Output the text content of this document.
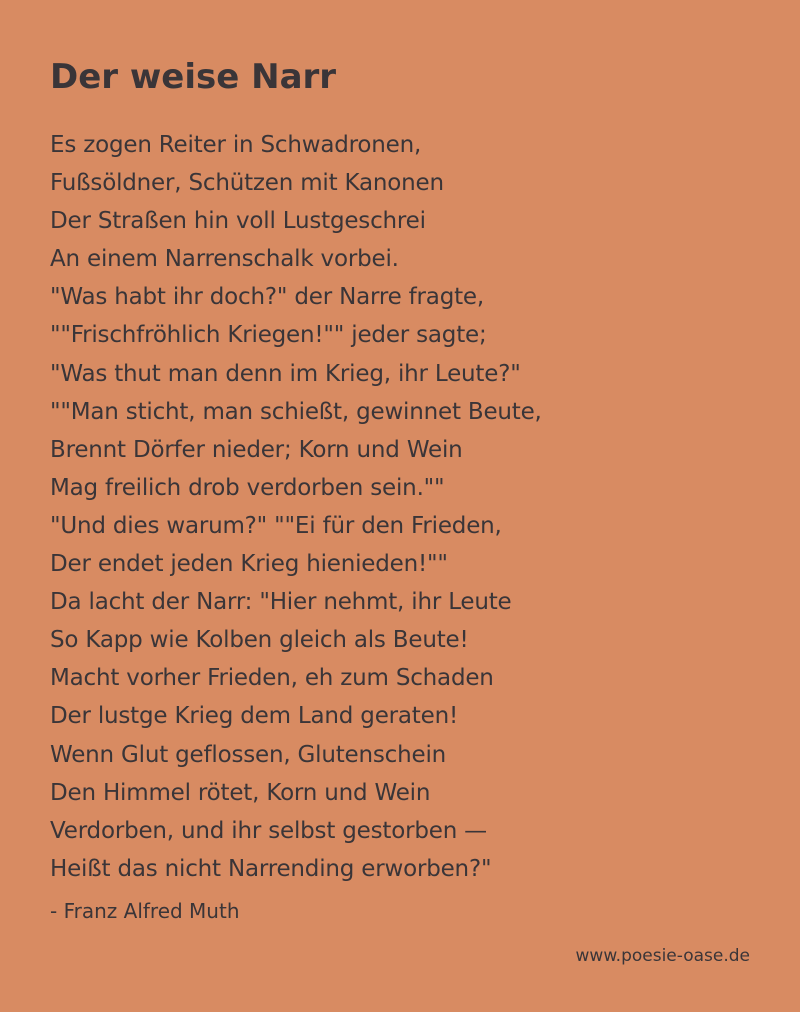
Der weise Narr
Es zogen Reiter in Schwadronen,
Fußsöldner, Schützen mit Kanonen
Der Straßen hin voll Lustgeschrei
An einem Narrenschalk vorbei.
"Was habt ihr doch?" der Narre fragte,
""Frischfröhlich Kriegen!"" jeder sagte;
"Was thut man denn im Krieg, ihr Leute?"
""Man sticht, man schießt, gewinnet Beute,
Brennt Dörfer nieder; Korn und Wein
Mag freilich drob verdorben sein.""
"Und dies warum?" ""Ei für den Frieden,
Der endet jeden Krieg hienieden!""
Da lacht der Narr: "Hier nehmt, ihr Leute
So Kapp wie Kolben gleich als Beute!
Macht vorher Frieden, eh zum Schaden
Der lustge Krieg dem Land geraten!
Wenn Glut geflossen, Glutenschein
Den Himmel rötet, Korn und Wein
Verdorben, und ihr selbst gestorben —
Heißt das nicht Narrending erworben?"
- Franz Alfred Muth
www.poesie-oase.de
